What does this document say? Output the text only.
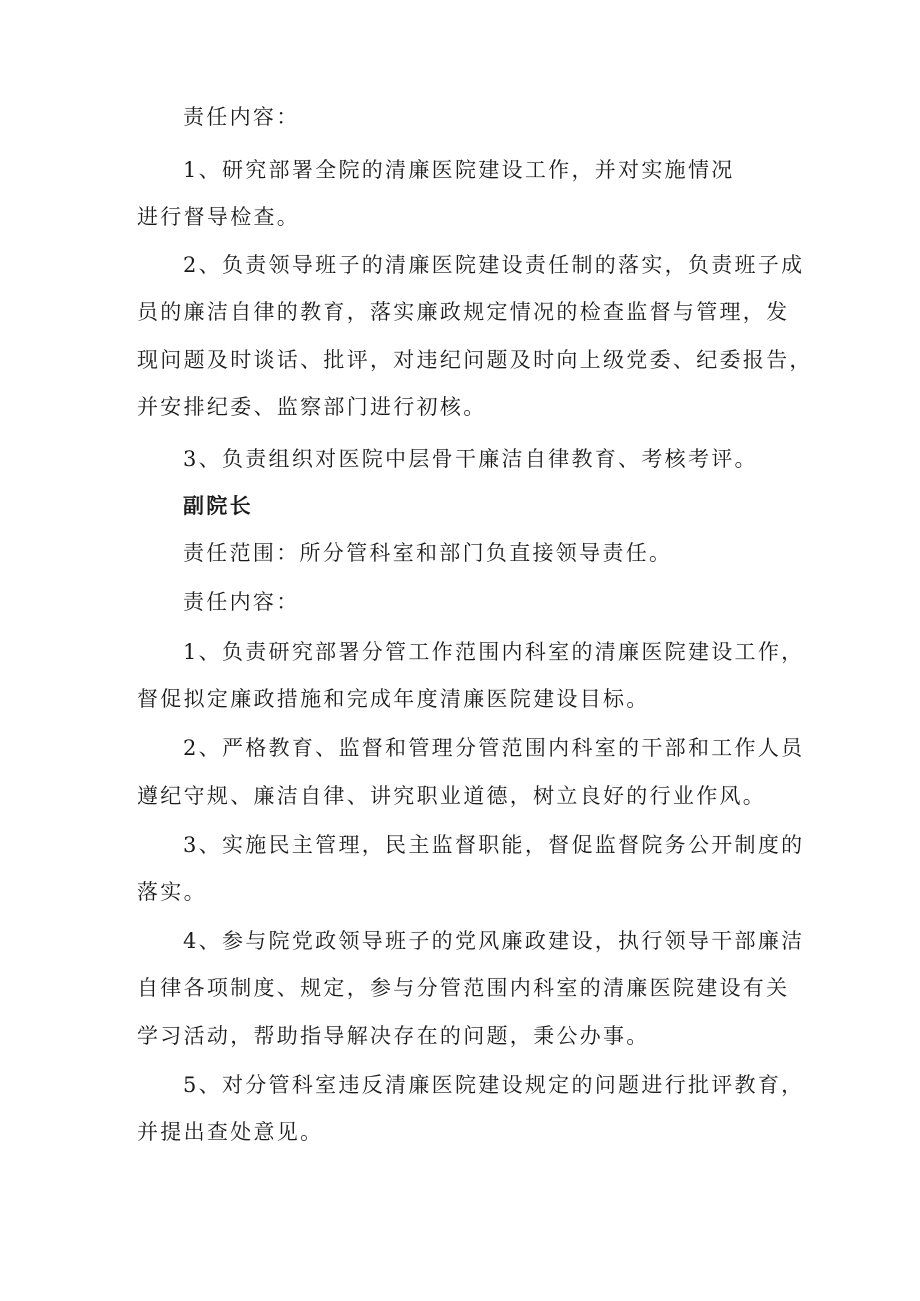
责任内容：
1、研究部署全院的清廉医院建设工作，并对实施情况
进行督导检查。
2、负责领导班子的清廉医院建设责任制的落实，负责班子成
员的廉洁自律的教育，落实廉政规定情况的检查监督与管理，发
现问题及时谈话、批评，对违纪问题及时向上级党委、纪委报告，
并安排纪委、监察部门进行初核。
3、负责组织对医院中层骨干廉洁自律教育、考核考评。
副院长
责任范围：所分管科室和部门负直接领导责任。
责任内容：
1、负责研究部署分管工作范围内科室的清廉医院建设工作，
督促拟定廉政措施和完成年度清廉医院建设目标。
2、严格教育、监督和管理分管范围内科室的干部和工作人员
遵纪守规、廉洁自律、讲究职业道德，树立良好的行业作风。
3、实施民主管理，民主监督职能，督促监督院务公开制度的
落实。
4、参与院党政领导班子的党风廉政建设，执行领导干部廉洁
自律各项制度、规定，参与分管范围内科室的清廉医院建设有关
学习活动，帮助指导解决存在的问题，秉公办事。
5、对分管科室违反清廉医院建设规定的问题进行批评教育，
并提出查处意见。
